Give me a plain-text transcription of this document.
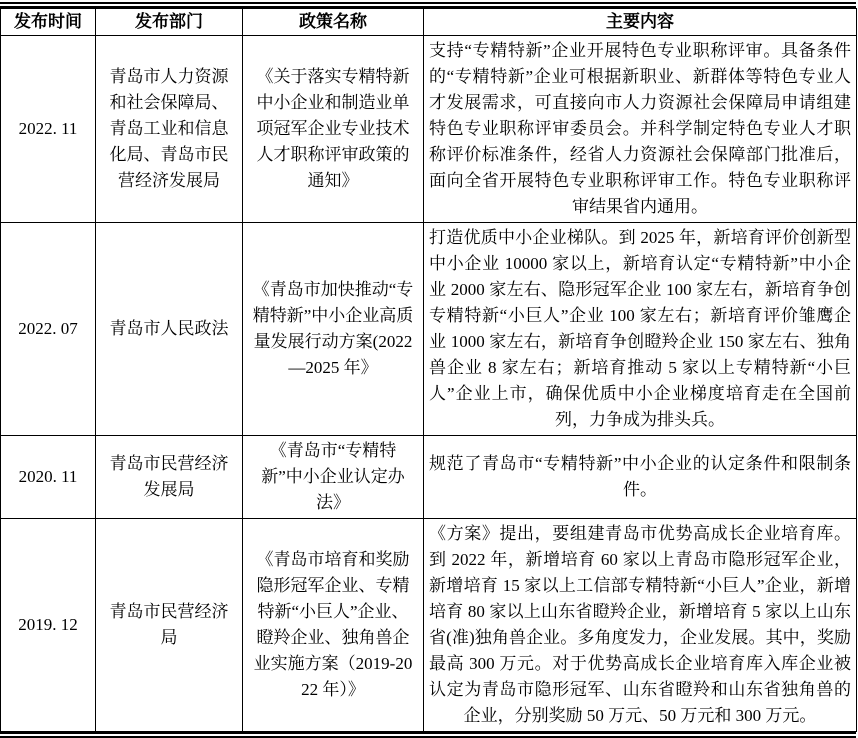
发布时间	发布部门	政策名称	主要内容
2022. 11	青岛市人力资源和社会保障局、青岛工业和信息化局、青岛市民营经济发展局	《关于落实专精特新中小企业和制造业单项冠军企业专业技术人才职称评审政策的通知》	支持“专精特新”企业开展特色专业职称评审。具备条件的“专精特新”企业可根据新职业、新群体等特色专业人才发展需求，可直接向市人力资源社会保障局申请组建特色专业职称评审委员会。并科学制定特色专业人才职称评价标准条件，经省人力资源社会保障部门批准后，面向全省开展特色专业职称评审工作。特色专业职称评审结果省内通用。
2022. 07	青岛市人民政法	《青岛市加快推动“专精特新”中小企业高质量发展行动方案(2022—2025 年》	打造优质中小企业梯队。到 2025 年，新培育评价创新型中小企业 10000 家以上，新培育认定“专精特新”中小企业 2000 家左右、隐形冠军企业 100 家左右，新培育争创专精特新“小巨人”企业 100 家左右；新培育评价雏鹰企业 1000 家左右，新培育争创瞪羚企业 150 家左右、独角兽企业 8 家左右；新培育推动 5 家以上专精特新“小巨人”企业上市，确保优质中小企业梯度培育走在全国前列，力争成为排头兵。
2020. 11	青岛市民营经济发展局	《青岛市“专精特新”中小企业认定办法》	规范了青岛市“专精特新”中小企业的认定条件和限制条件。
2019. 12	青岛市民营经济局	《青岛市培育和奖励隐形冠军企业、专精特新“小巨人”企业、瞪羚企业、独角兽企业实施方案（2019-2022 年）》	《方案》提出，要组建青岛市优势高成长企业培育库。到 2022 年，新增培育 60 家以上青岛市隐形冠军企业，新增培育 15 家以上工信部专精特新“小巨人”企业，新增培育 80 家以上山东省瞪羚企业，新增培育 5 家以上山东省(准)独角兽企业。多角度发力，企业发展。其中，奖励最高 300 万元。对于优势高成长企业培育库入库企业被认定为青岛市隐形冠军、山东省瞪羚和山东省独角兽的企业，分别奖励 50 万元、50 万元和 300 万元。
